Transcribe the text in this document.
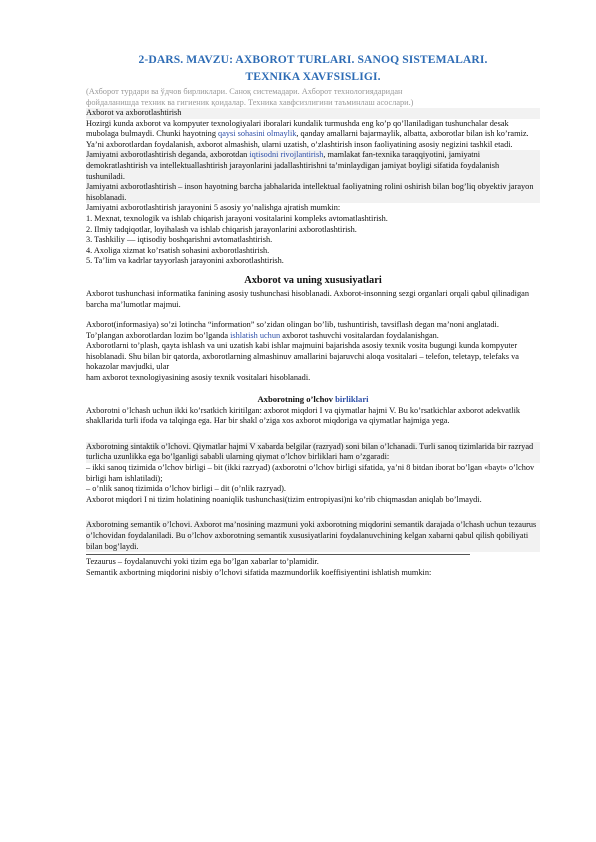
2-DARS. MAVZU: AXBOROT TURLARI. SANOQ SISTEMALARI.

TEXNIKA XAVFSISLIGI.

(Ахборот турдари ва ўдчов бирликлари. Саноқ системадари. Ахборот технологиядаридан

фойдаланишда техник ва гигиеник қоидалар. Техника хавфсизлигини таъминлаш асослари.)

Axborot va axborotlashtirish

Hozirgi kunda axborot va kompyuter texnologiyalari iboralari kundalik turmushda eng ko’p qo’llaniladigan tushunchalar desak mubolaga bulmaydi. Chunki hayotning qaysi sohasini olmaylik, qanday amallarni bajarmaylik, albatta, axborotlar bilan ish ko’ramiz. Ya’ni axborotlardan foydalanish, axborot almashish, ularni uzatish, o’zlashtirish inson faoliyatining asosiy negizini tashkil etadi.

Jamiyatni axborotlashtirish deganda, axborotdan iqtisodni rivojlantirish, mamlakat fan-texnika taraqqiyotini, jamiyatni demokratlashtirish va intellektuallashtirish jarayonlarini jadallashtirishni ta’minlaydigan jamiyat boyligi sifatida foydalanish tushuniladi.

Jamiyatni axborotlashtirish – inson hayotning barcha jabhalarida intellektual faoliyatning rolini oshirish bilan bog’liq obyektiv jarayon hisoblanadi.

Jamiyatni axborotlashtirish jarayonini 5 asosiy yo’nalishga ajratish mumkin:

1. Mexnat, texnologik va ishlab chiqarish jarayoni vositalarini kompleks avtomatlashtirish.

2. Ilmiy tadqiqotlar, loyihalash va ishlab chiqarish jarayonlarini axborotlashtirish.

3. Tashkiliy — iqtisodiy boshqarishni avtomatlashtirish.

4. Axoliga xizmat ko’rsatish sohasini axborotlashtirish.

5. Ta’lim va kadrlar tayyorlash jarayonini axborotlashtirish.

Axborot va uning xususiyatlari

Axborot tushunchasi informatika fanining asosiy tushunchasi hisoblanadi. Axborot-insonning sezgi organlari orqali qabul qilinadigan barcha ma’lumotlar majmui.

Axborot(informasiya) so’zi lotincha “information” so’zidan olingan bo’lib, tushuntirish, tavsiflash degan ma’noni anglatadi.

To’plangan axborotlardan lozim bo’lganda ishlatish uchun axborot tashuvchi vositalardan foydalanishgan.

Axborotlarni to’plash, qayta ishlash va uni uzatish kabi ishlar majmuini bajarishda asosiy texnik vosita bugungi kunda kompyuter hisoblanadi. Shu bilan bir qatorda, axborotlarning almashinuv amallarini bajaruvchi aloqa vositalari – telefon, teletayp, telefaks va hokazolar mavjudki, ular

ham axborot texnologiyasining asosiy texnik vositalari hisoblanadi.

Axborotning o’lchov birliklari

Axborotni o’lchash uchun ikki ko’rsatkich kiritilgan: axborot miqdori I va qiymatlar hajmi V. Bu ko’rsatkichlar axborot adekvatlik shakllarida turli ifoda va talqinga ega. Har bir shakl o’ziga xos axborot miqdoriga va qiymatlar hajmiga yega.

Axborotning sintaktik o’lchovi. Qiymatlar hajmi V xabarda belgilar (razryad) soni bilan o’lchanadi. Turli sanoq tizimlarida bir razryad turlicha uzunlikka ega bo’lganligi sababli ularning qiymat o’lchov birliklari ham o’zgaradi:

– ikki sanoq tizimida o’lchov birligi – bit (ikki razryad) (axborotni o’lchov birligi sifatida, ya’ni 8 bitdan iborat bo’lgan «bayt» o’lchov birligi ham ishlatiladi);

– o’nlik sanoq tizimida o’lchov birligi – dit (o’nlik razryad).

Axborot miqdori I ni tizim holatining noaniqlik tushunchasi(tizim entropiyasi)ni ko’rib chiqmasdan aniqlab bo’lmaydi.

Axborotning semantik o’lchovi. Axborot ma’nosining mazmuni yoki axborotning miqdorini semantik darajada o’lchash uchun tezaurus o’lchovidan foydalaniladi. Bu o’lchov axborotning semantik xususiyatlarini foydalanuvchining kelgan xabarni qabul qilish qobiliyati bilan bog’laydi.

Tezaurus – foydalanuvchi yoki tizim ega bo’lgan xabarlar to’plamidir.

Semantik axbortning miqdorini nisbiy o’lchovi sifatida mazmundorlik koeffisiyentini ishlatish mumkin:
